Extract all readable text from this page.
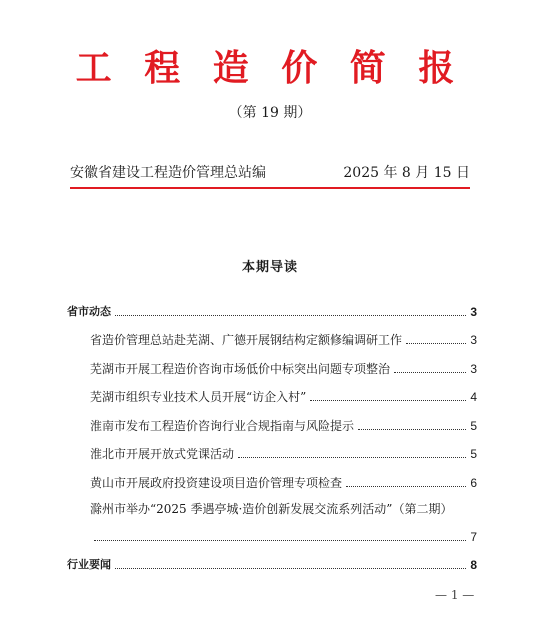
工 程 造 价 简 报
（第 19 期）
安徽省建设工程造价管理总站编	2025 年 8 月 15 日
本期导读
省市动态	3
省造价管理总站赴芜湖、广德开展钢结构定额修编调研工作	3
芜湖市开展工程造价咨询市场低价中标突出问题专项整治	3
芜湖市组织专业技术人员开展“访企入村”	4
淮南市发布工程造价咨询行业合规指南与风险提示	5
淮北市开展开放式党课活动	5
黄山市开展政府投资建设项目造价管理专项检查	6
滁州市举办“2025 季遇亭城·造价创新发展交流系列活动”（第二期）
7
行业要闻	8
— 1 —
